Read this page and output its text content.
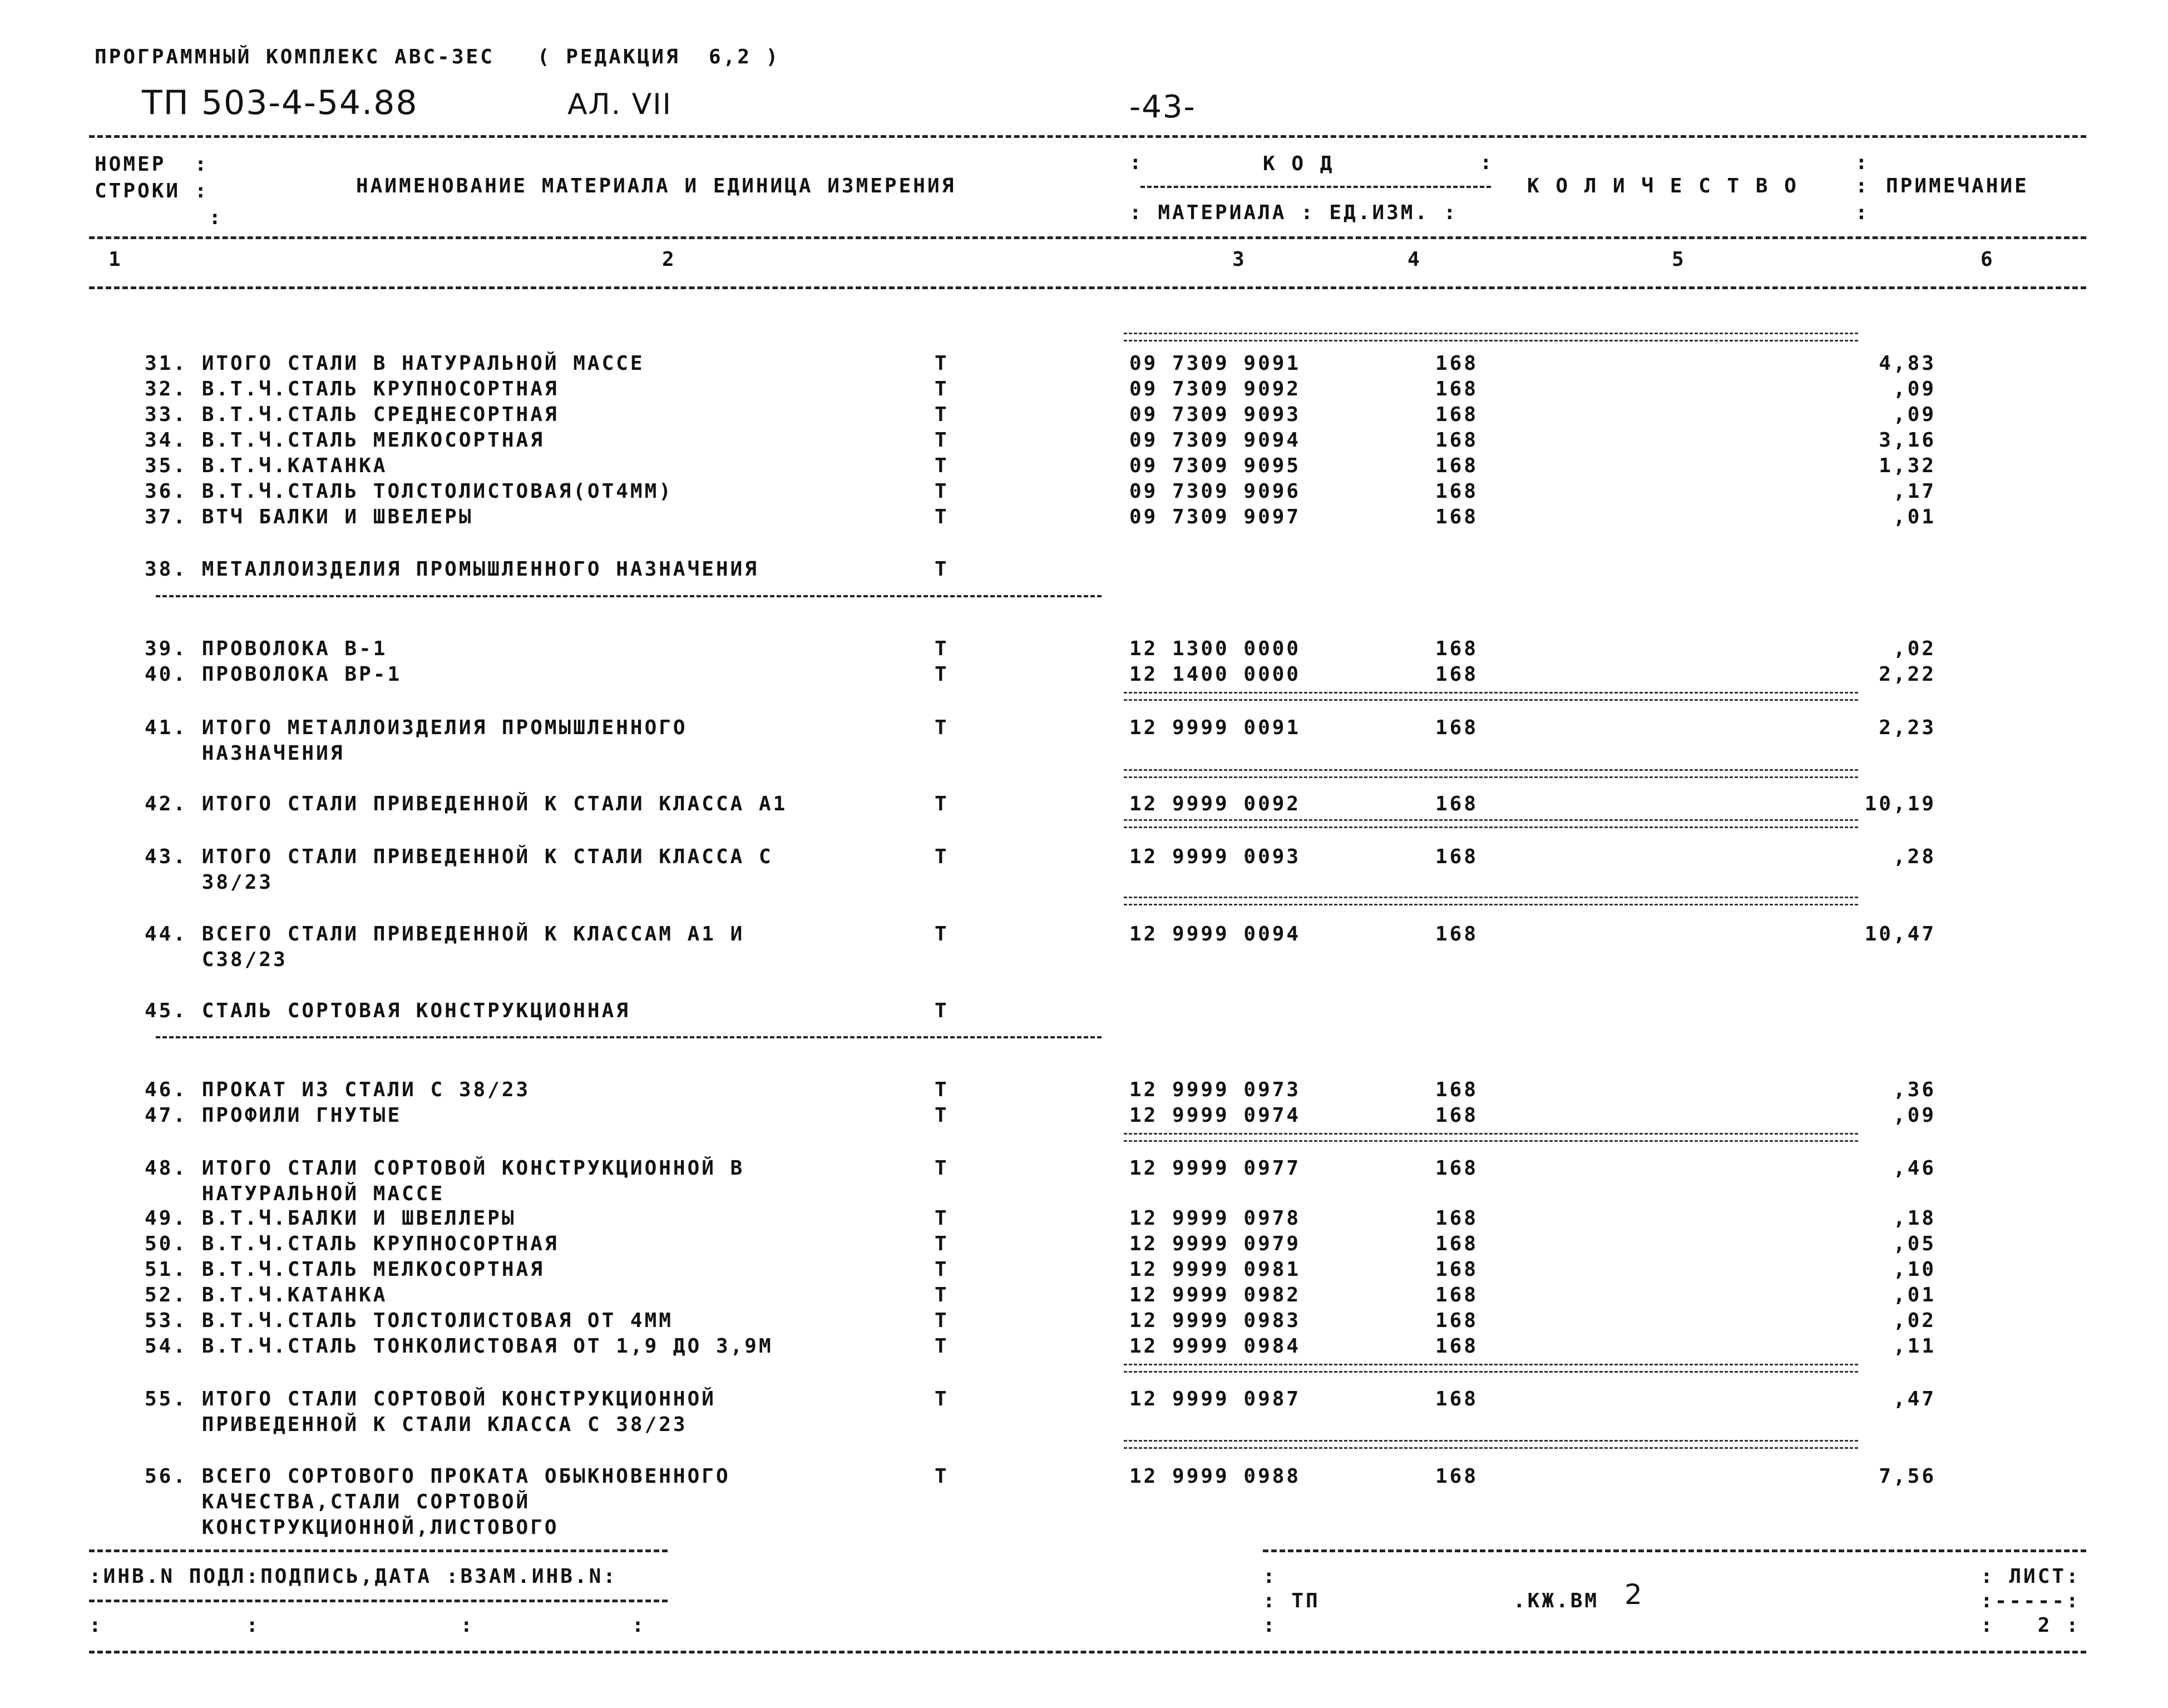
ПРОГРАММНЫЙ КОМПЛЕКС АВС-ЗЕС   ( РЕДАКЦИЯ  6,2 )
ТП 503-4-54.88	АЛ. VII	-43-
НОМЕР  :
СТРОКИ :
:
НАИМЕНОВАНИЕ МАТЕРИАЛА И ЕДИНИЦА ИЗМЕРЕНИЯ
К О Д
: МАТЕРИАЛА : ЕД.ИЗМ. :
К О Л И Ч Е С Т В О	ПРИМЕЧАНИЕ
:	:	:
:
:
1	2	3	4	5	6
31. ИТОГО СТАЛИ В НАТУРАЛЬНОЙ МАССЕ	Т	09 7309 9091	168	4,83
32. В.Т.Ч.СТАЛЬ КРУПНОСОРТНАЯ	Т	09 7309 9092	168	,09
33. В.Т.Ч.СТАЛЬ СРЕДНЕСОРТНАЯ	Т	09 7309 9093	168	,09
34. В.Т.Ч.СТАЛЬ МЕЛКОСОРТНАЯ	Т	09 7309 9094	168	3,16
35. В.Т.Ч.КАТАНКА	Т	09 7309 9095	168	1,32
36. В.Т.Ч.СТАЛЬ ТОЛСТОЛИСТОВАЯ(ОТ4ММ)	Т	09 7309 9096	168	,17
37. ВТЧ БАЛКИ И ШВЕЛЕРЫ	Т	09 7309 9097	168	,01
38. МЕТАЛЛОИЗДЕЛИЯ ПРОМЫШЛЕННОГО НАЗНАЧЕНИЯ	Т
39. ПРОВОЛОКА В-1	Т	12 1300 0000	168	,02
40. ПРОВОЛОКА ВР-1	Т	12 1400 0000	168	2,22
41. ИТОГО МЕТАЛЛОИЗДЕЛИЯ ПРОМЫШЛЕННОГО
НАЗНАЧЕНИЯ
Т	12 9999 0091	168	2,23
42. ИТОГО СТАЛИ ПРИВЕДЕННОЙ К СТАЛИ КЛАССА А1	Т	12 9999 0092	168	10,19
43. ИТОГО СТАЛИ ПРИВЕДЕННОЙ К СТАЛИ КЛАССА С
38/23
Т	12 9999 0093	168	,28
44. ВСЕГО СТАЛИ ПРИВЕДЕННОЙ К КЛАССАМ А1 И
С38/23
Т	12 9999 0094	168	10,47
45. СТАЛЬ СОРТОВАЯ КОНСТРУКЦИОННАЯ	Т
46. ПРОКАТ ИЗ СТАЛИ С 38/23	Т	12 9999 0973	168	,36
47. ПРОФИЛИ ГНУТЫЕ	Т	12 9999 0974	168	,09
48. ИТОГО СТАЛИ СОРТОВОЙ КОНСТРУКЦИОННОЙ В
НАТУРАЛЬНОЙ МАССЕ
Т	12 9999 0977	168	,46
49. В.Т.Ч.БАЛКИ И ШВЕЛЛЕРЫ	Т	12 9999 0978	168	,18
50. В.Т.Ч.СТАЛЬ КРУПНОСОРТНАЯ	Т	12 9999 0979	168	,05
51. В.Т.Ч.СТАЛЬ МЕЛКОСОРТНАЯ	Т	12 9999 0981	168	,10
52. В.Т.Ч.КАТАНКА	Т	12 9999 0982	168	,01
53. В.Т.Ч.СТАЛЬ ТОЛСТОЛИСТОВАЯ ОТ 4ММ	Т	12 9999 0983	168	,02
54. В.Т.Ч.СТАЛЬ ТОНКОЛИСТОВАЯ ОТ 1,9 ДО 3,9М	Т	12 9999 0984	168	,11
55. ИТОГО СТАЛИ СОРТОВОЙ КОНСТРУКЦИОННОЙ
ПРИВЕДЕННОЙ К СТАЛИ КЛАССА С 38/23
Т	12 9999 0987	168	,47
56. ВСЕГО СОРТОВОГО ПРОКАТА ОБЫКНОВЕННОГО
КАЧЕСТВА,СТАЛИ СОРТОВОЙ
КОНСТРУКЦИОННОЙ,ЛИСТОВОГО
Т	12 9999 0988	168	7,56
:ИНВ.N ПОДЛ:ПОДПИСЬ,ДАТА :ВЗАМ.ИНВ.N:
:          :              :           :
: ТП	.КЖ.ВМ 2
:
:
: ЛИСТ:
:-----:
:   2 :
